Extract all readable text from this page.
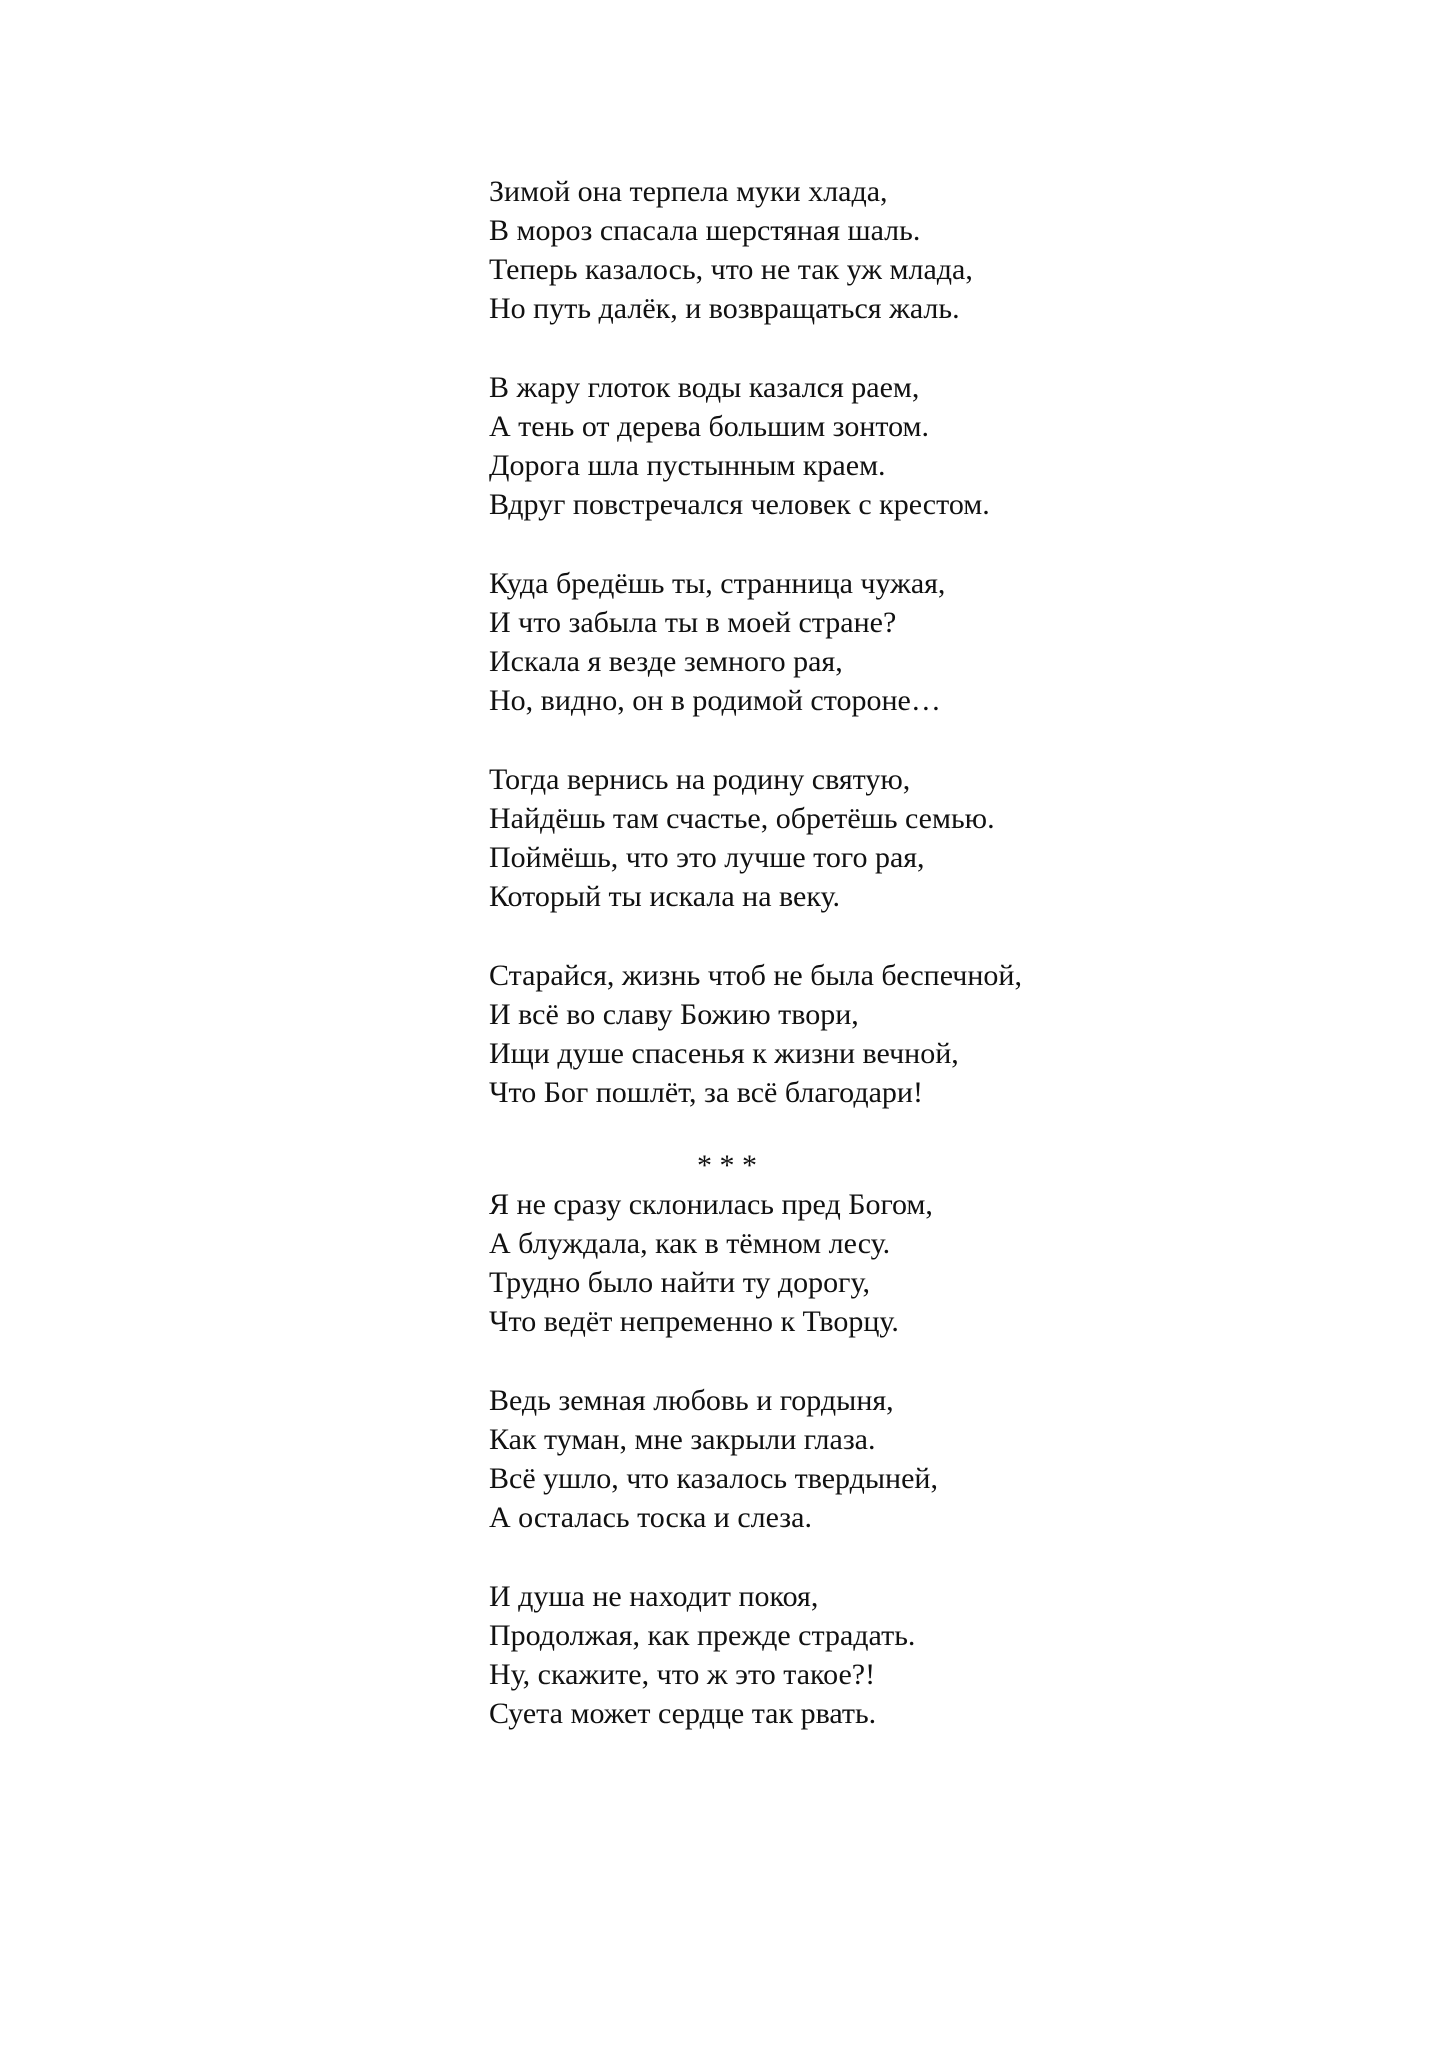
Зимой она терпела муки хлада,
В мороз спасала шерстяная шаль.
Теперь казалось, что не так уж млада,
Но путь далёк, и возвращаться жаль.
В жару глоток воды казался раем,
А тень от дерева большим зонтом.
Дорога шла пустынным краем.
Вдруг повстречался человек с крестом.
Куда бредёшь ты, странница чужая,
И что забыла ты в моей стране?
Искала я везде земного рая,
Но, видно, он в родимой стороне…
Тогда вернись на родину святую,
Найдёшь там счастье, обретёшь семью.
Поймёшь, что это лучше того рая,
Который ты искала на веку.
Старайся, жизнь чтоб не была беспечной,
И всё во славу Божию твори,
Ищи душе спасенья к жизни вечной,
Что Бог пошлёт, за всё благодари!
* * *
Я не сразу склонилась пред Богом,
А блуждала, как в тёмном лесу.
Трудно было найти ту дорогу,
Что ведёт непременно к Творцу.
Ведь земная любовь и гордыня,
Как туман, мне закрыли глаза.
Всё ушло, что казалось твердыней,
А осталась тоска и слеза.
И душа не находит покоя,
Продолжая, как прежде страдать.
Ну, скажите, что ж это такое?!
Суета может сердце так рвать.
